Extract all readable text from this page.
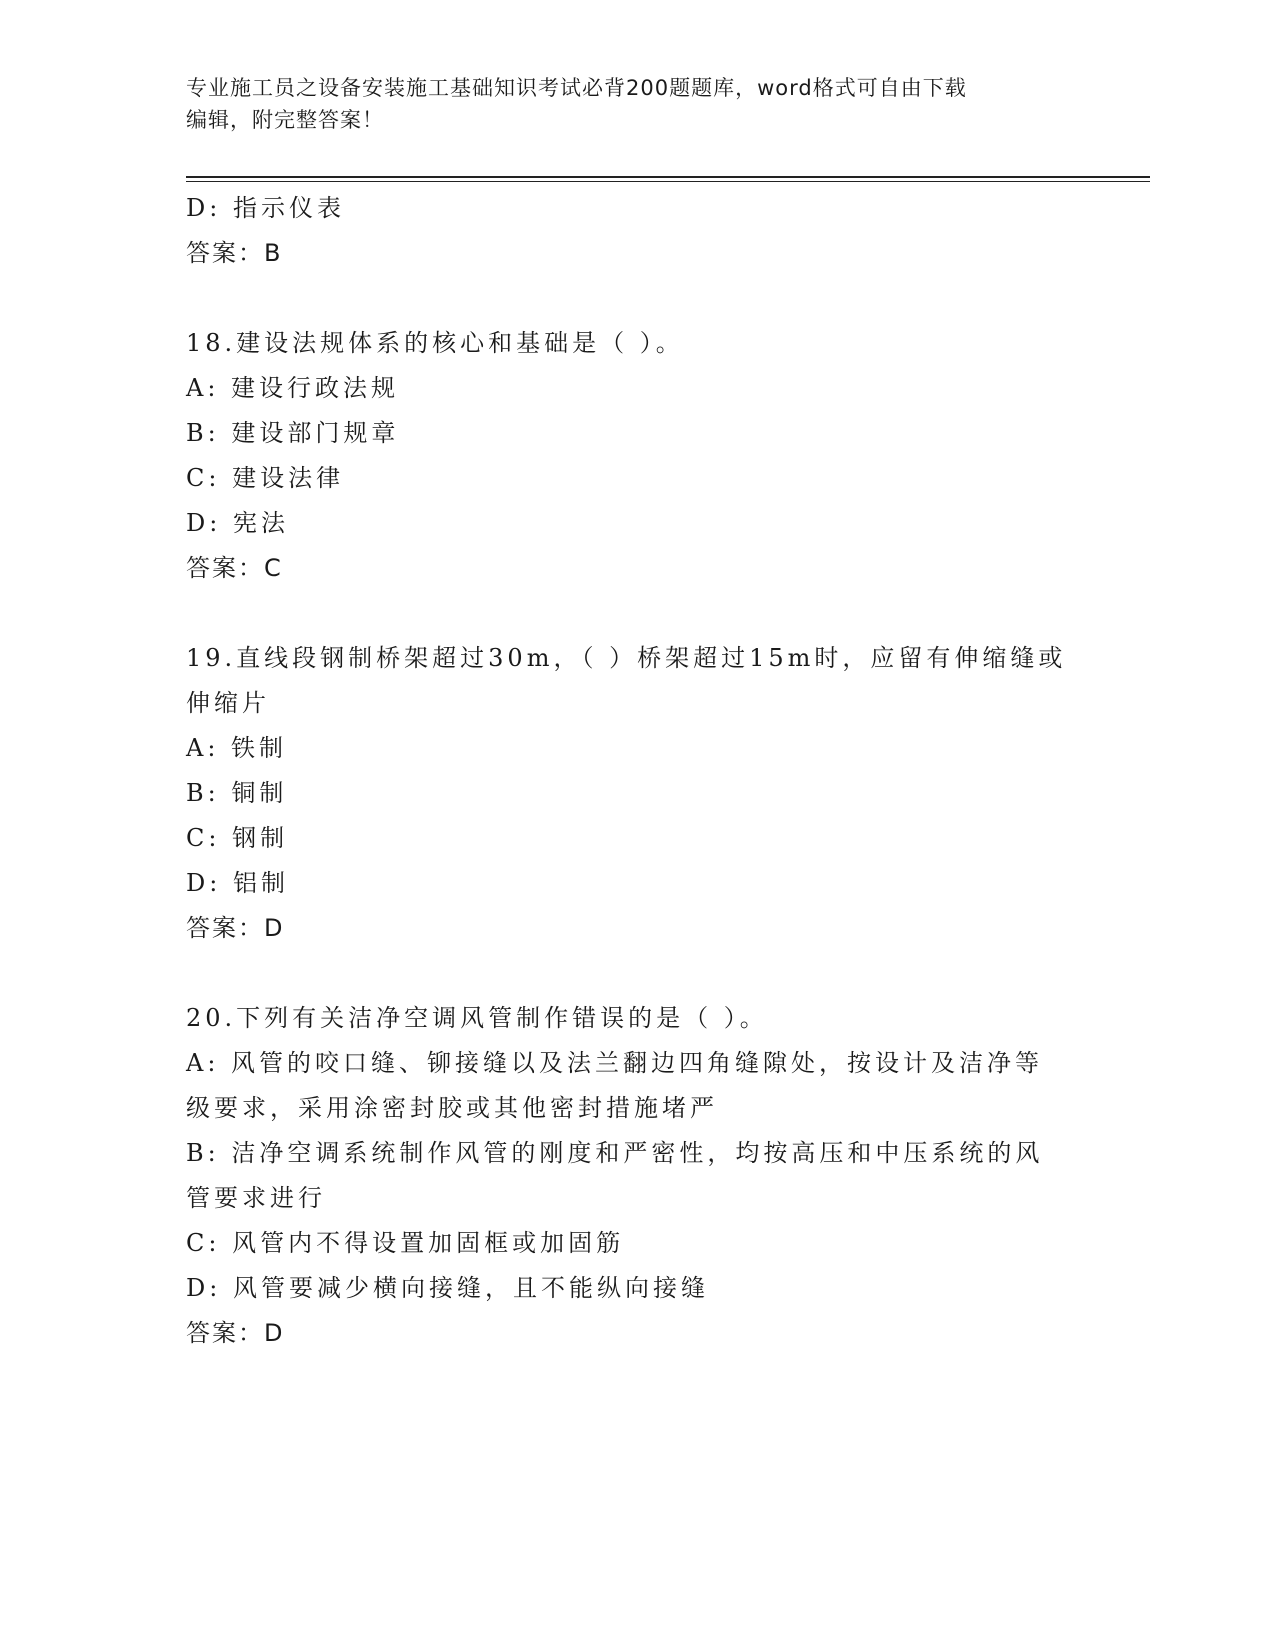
专业施工员之设备安装施工基础知识考试必背200题题库，word格式可自由下载
编辑，附完整答案！
D: 指示仪表
答案：B
18.建设法规体系的核心和基础是（ ）。
A: 建设行政法规
B: 建设部门规章
C: 建设法律
D: 宪法
答案：C
19.直线段钢制桥架超过30m，（ ）桥架超过15m时，应留有伸缩缝或
伸缩片
A: 铁制
B: 铜制
C: 钢制
D: 铝制
答案：D
20.下列有关洁净空调风管制作错误的是（ ）。
A: 风管的咬口缝、铆接缝以及法兰翻边四角缝隙处，按设计及洁净等
级要求，采用涂密封胶或其他密封措施堵严
B: 洁净空调系统制作风管的刚度和严密性，均按高压和中压系统的风
管要求进行
C: 风管内不得设置加固框或加固筋
D: 风管要减少横向接缝，且不能纵向接缝
答案：D
